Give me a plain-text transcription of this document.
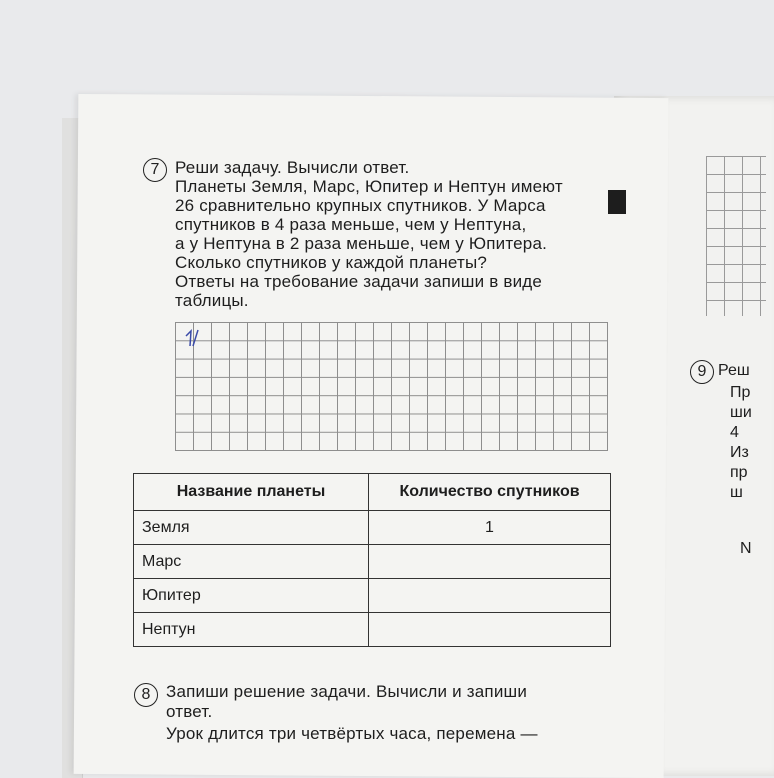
7 Реши задачу. Вычисли ответ.
Планеты Земля, Марс, Юпитер и Нептун имеют
26 сравнительно крупных спутников. У Марса
спутников в 4 раза меньше, чем у Нептуна,
а у Нептуна в 2 раза меньше, чем у Юпитера.
Сколько спутников у каждой планеты?
Ответы на требование задачи запиши в виде
таблицы.
Название планеты	Количество спутников
Земля	1
Марс	
Юпитер	
Нептун	
8 Запиши решение задачи. Вычисли и запиши
ответ.
Урок длится три четвёртых часа, перемена —
9 Реш
Пр
ши
4
Из
пр
ш
N
